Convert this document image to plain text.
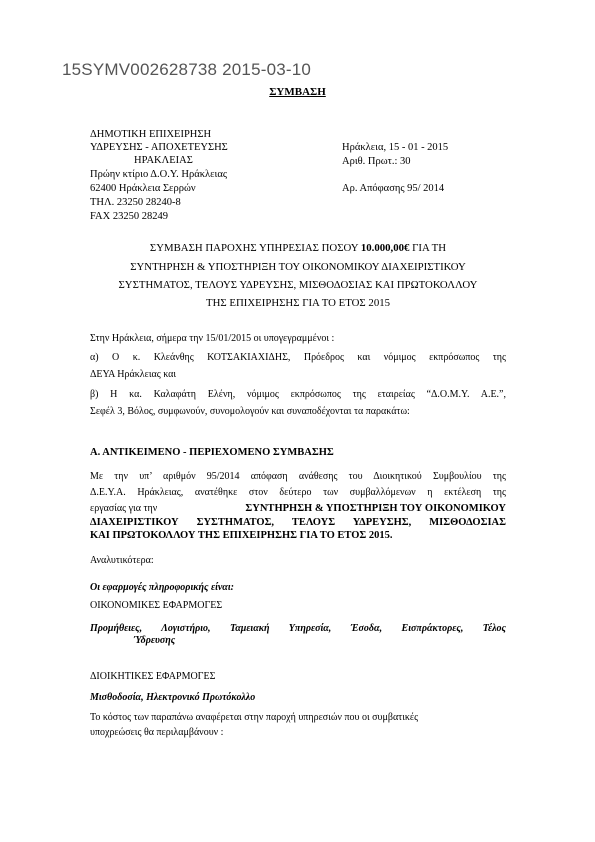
15SYMV002628738 2015-03-10
ΣΥΜΒΑΣΗ
ΔΗΜΟΤΙΚΗ ΕΠΙΧΕΙΡΗΣΗ
ΥΔΡΕΥΣΗΣ - ΑΠΟΧΕΤΕΥΣΗΣ
ΗΡΑΚΛΕΙΑΣ
Πρώην κτίριο Δ.Ο.Υ. Ηράκλειας
62400 Ηράκλεια Σερρών
ΤΗΛ. 23250 28240-8
FAX 23250 28249
Ηράκλεια, 15 - 01 - 2015
Αριθ. Πρωτ.: 30
Αρ. Απόφασης 95/ 2014
ΣΥΜΒΑΣΗ ΠΑΡΟΧΗΣ ΥΠΗΡΕΣΙΑΣ ΠΟΣΟΥ 10.000,00€ ΓΙΑ ΤΗ
ΣΥΝΤΗΡΗΣΗ & ΥΠΟΣΤΗΡΙΞΗ ΤΟΥ ΟΙΚΟΝΟΜΙΚΟΥ ΔΙΑΧΕΙΡΙΣΤΙΚΟΥ
ΣΥΣΤΗΜΑΤΟΣ, ΤΕΛΟΥΣ ΥΔΡΕΥΣΗΣ, ΜΙΣΘΟΔΟΣΙΑΣ ΚΑΙ ΠΡΩΤΟΚΟΛΛΟΥ
ΤΗΣ ΕΠΙΧΕΙΡΗΣΗΣ ΓΙΑ ΤΟ ΕΤΟΣ 2015
Στην Ηράκλεια, σήμερα την 15/01/2015 οι υπογεγραμμένοι :
α) Ο κ. Κλεάνθης ΚΟΤΣΑΚΙΑΧΙΔΗΣ, Πρόεδρος και νόμιμος εκπρόσωπος της
ΔΕΥΑ Ηράκλειας και
β) Η κα. Καλαφάτη Ελένη, νόμιμος εκπρόσωπος της εταιρείας “Δ.Ο.Μ.Υ. Α.Ε.”,
Σεφέλ 3, Βόλος, συμφωνούν, συνομολογούν και συναποδέχονται τα παρακάτω:
Α. ΑΝΤΙΚΕΙΜΕΝΟ - ΠΕΡΙΕΧΟΜΕΝΟ ΣΥΜΒΑΣΗΣ
Με την υπ’ αριθμόν 95/2014 απόφαση ανάθεσης του Διοικητικού Συμβουλίου της
Δ.Ε.Υ.Α. Ηράκλειας, ανατέθηκε στον δεύτερο των συμβαλλόμενων η εκτέλεση της
εργασίας για την	ΣΥΝΤΗΡΗΣΗ & ΥΠΟΣΤΗΡΙΞΗ ΤΟΥ ΟΙΚΟΝΟΜΙΚΟΥ
ΔΙΑΧΕΙΡΙΣΤΙΚΟΥ ΣΥΣΤΗΜΑΤΟΣ, ΤΕΛΟΥΣ ΥΔΡΕΥΣΗΣ, ΜΙΣΘΟΔΟΣΙΑΣ
ΚΑΙ ΠΡΩΤΟΚΟΛΛΟΥ ΤΗΣ ΕΠΙΧΕΙΡΗΣΗΣ ΓΙΑ ΤΟ ΕΤΟΣ 2015.
Αναλυτικότερα:
Οι εφαρμογές πληροφορικής είναι:
ΟΙΚΟΝΟΜΙΚΕΣ ΕΦΑΡΜΟΓΕΣ
Προμήθειες, Λογιστήριο, Ταμειακή Υπηρεσία, Έσοδα, Εισπράκτορες, Τέλος
Ύδρευσης
ΔΙΟΙΚΗΤΙΚΕΣ ΕΦΑΡΜΟΓΕΣ
Μισθοδοσία, Ηλεκτρονικό Πρωτόκολλο
Το κόστος των παραπάνω αναφέρεται στην παροχή υπηρεσιών που οι συμβατικές
υποχρεώσεις θα περιλαμβάνουν :
